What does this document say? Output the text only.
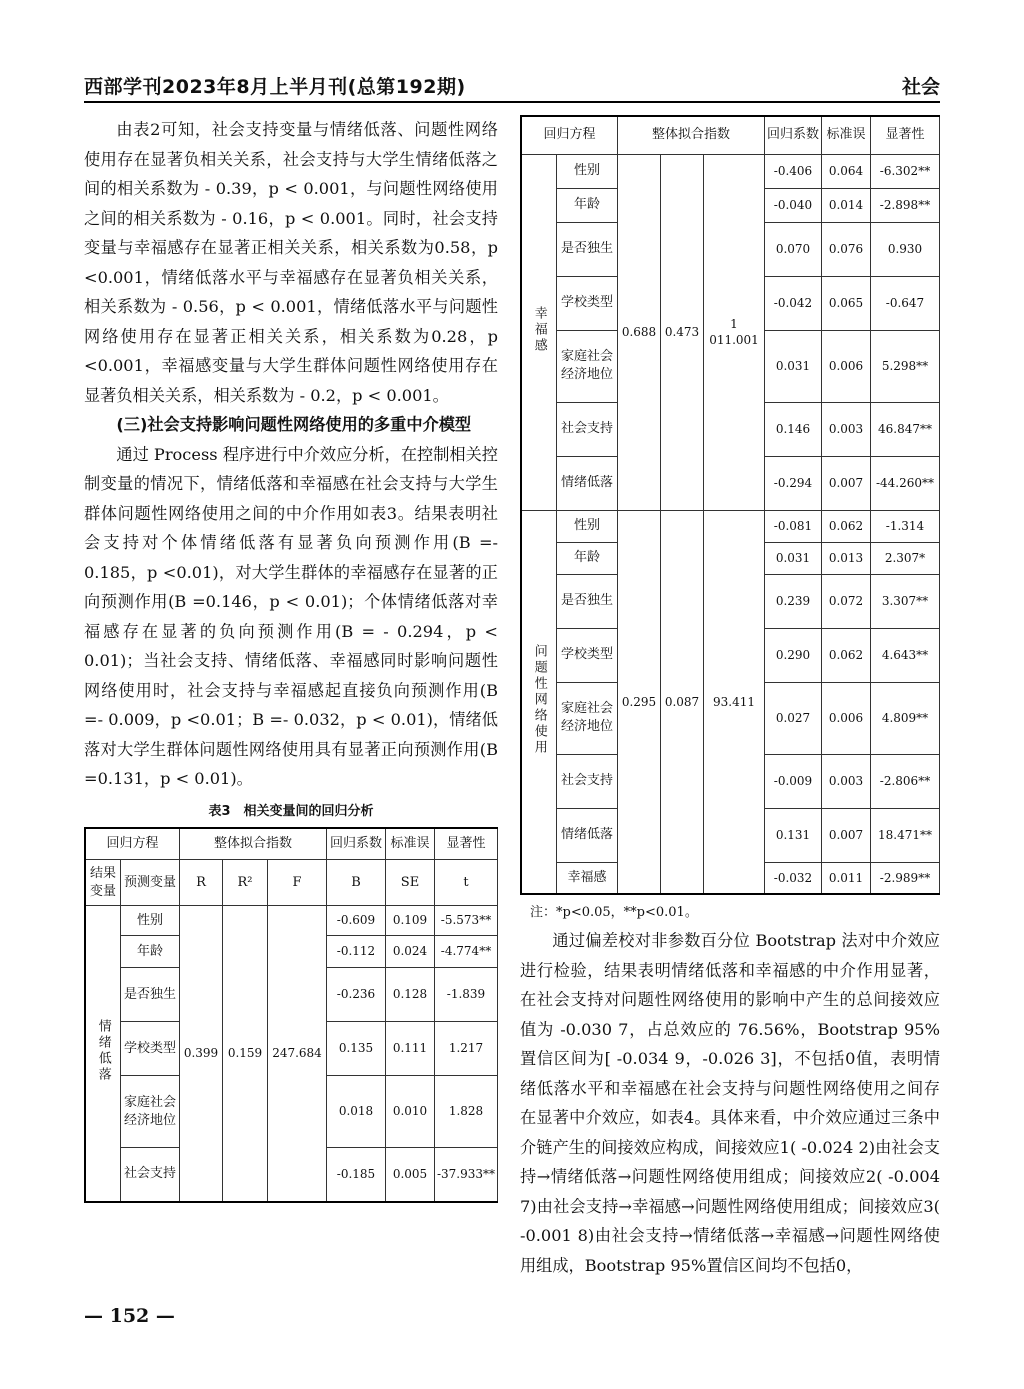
西部学刊2023年8月上半月刊(总第192期)	社会

由表2可知，社会支持变量与情绪低落、问题性网络使用存在显著负相关关系，社会支持与大学生情绪低落之间的相关系数为 - 0.39，p < 0.001，与问题性网络使用之间的相关系数为 - 0.16，p < 0.001。同时，社会支持变量与幸福感存在显著正相关关系，相关系数为0.58，p <0.001，情绪低落水平与幸福感存在显著负相关关系，相关系数为 - 0.56，p < 0.001，情绪低落水平与问题性网络使用存在显著正相关关系，相关系数为0.28，p <0.001，幸福感变量与大学生群体问题性网络使用存在显著负相关关系，相关系数为 - 0.2，p < 0.001。

(三)社会支持影响问题性网络使用的多重中介模型

通过 Process 程序进行中介效应分析，在控制相关控制变量的情况下，情绪低落和幸福感在社会支持与大学生群体问题性网络使用之间的中介作用如表3。结果表明社会支持对个体情绪低落有显著负向预测作用(B =- 0.185，p <0.01)，对大学生群体的幸福感存在显著的正向预测作用(B =0.146，p < 0.01)；个体情绪低落对幸福感存在显著的负向预测作用(B = - 0.294，p < 0.01)；当社会支持、情绪低落、幸福感同时影响问题性网络使用时，社会支持与幸福感起直接负向预测作用(B =- 0.009，p <0.01；B =- 0.032，p < 0.01)，情绪低落对大学生群体问题性网络使用具有显著正向预测作用(B =0.131，p < 0.01)。

表3　相关变量间的回归分析
回归方程		整体拟合指数			回归系数	标准误	显著性
结果变量	预测变量	R	R²	F	B	SE	t
情绪低落	性别	0.399	0.159	247.684	-0.609	0.109	-5.573**
	年龄				-0.112	0.024	-4.774**
	是否独生				-0.236	0.128	-1.839
	学校类型				0.135	0.111	1.217
	家庭社会经济地位				0.018	0.010	1.828
	社会支持				-0.185	0.005	-37.933**
回归方程		整体拟合指数			回归系数	标准误	显著性
幸福感	性别	0.688	0.473	1 011.001	-0.406	0.064	-6.302**
	年龄				-0.040	0.014	-2.898**
	是否独生				0.070	0.076	0.930
	学校类型				-0.042	0.065	-0.647
	家庭社会经济地位				0.031	0.006	5.298**
	社会支持				0.146	0.003	46.847**
	情绪低落				-0.294	0.007	-44.260**
问题性网络使用	性别	0.295	0.087	93.411	-0.081	0.062	-1.314
	年龄				0.031	0.013	2.307*
	是否独生				0.239	0.072	3.307**
	学校类型				0.290	0.062	4.643**
	家庭社会经济地位				0.027	0.006	4.809**
	社会支持				-0.009	0.003	-2.806**
	情绪低落				0.131	0.007	18.471**
	幸福感				-0.032	0.011	-2.989**
注：*p<0.05，**p<0.01。

通过偏差校对非参数百分位 Bootstrap 法对中介效应进行检验，结果表明情绪低落和幸福感的中介作用显著，在社会支持对问题性网络使用的影响中产生的总间接效应值为 -0.030 7，占总效应的 76.56%，Bootstrap 95%置信区间为[ -0.034 9，-0.026 3]，不包括0值，表明情绪低落水平和幸福感在社会支持与问题性网络使用之间存在显著中介效应，如表4。具体来看，中介效应通过三条中介链产生的间接效应构成，间接效应1( -0.024 2)由社会支持→情绪低落→问题性网络使用组成；间接效应2( -0.004 7)由社会支持→幸福感→问题性网络使用组成；间接效应3( -0.001 8)由社会支持→情绪低落→幸福感→问题性网络使用组成，Bootstrap 95%置信区间均不包括0，

— 152 —
